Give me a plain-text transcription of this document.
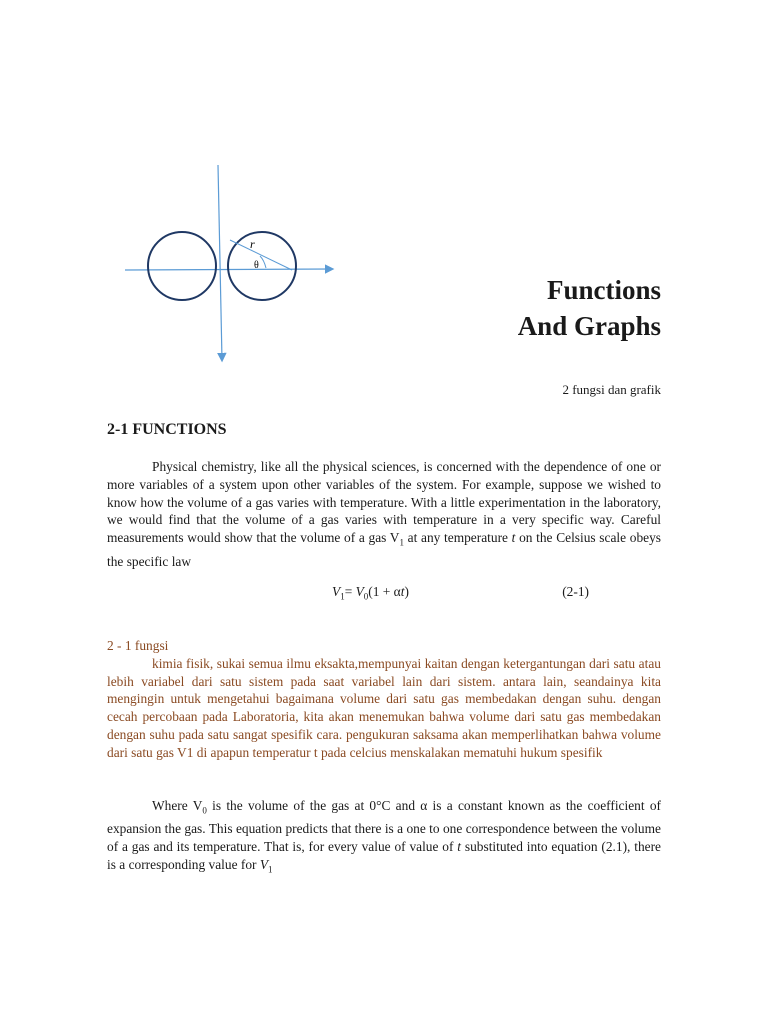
r
θ
Functions
And Graphs
2 fungsi dan grafik
2-1 FUNCTIONS

Physical chemistry, like all the physical sciences, is concerned with the dependence of one or more variables of a system upon other variables of the system. For example, suppose we wished to know how the volume of a gas varies with temperature. With a little experimentation in the laboratory, we would find that the volume of a gas varies with temperature in a very specific way. Careful measurements would show that the volume of a gas $V_1$ at any temperature t on the Celsius scale obeys the specific law

$V_1= V_0(1 + \alpha t)$	(2-1)

2 - 1 fungsi

kimia fisik, sukai semua ilmu eksakta,mempunyai kaitan dengan ketergantungan dari satu atau lebih variabel dari satu sistem pada saat variabel lain dari sistem. antara lain, seandainya kita mengingin untuk mengetahui bagaimana volume dari satu gas membedakan dengan suhu. dengan cecah percobaan pada Laboratoria, kita akan menemukan bahwa volume dari satu gas membedakan dengan suhu pada satu sangat spesifik cara. pengukuran saksama akan memperlihatkan bahwa volume dari satu gas V1 di apapun temperatur t pada celcius menskalakan mematuhi hukum spesifik

Where $V_0$ is the volume of the gas at 0°C and α is a constant known as the coefficient of expansion the gas. This equation predicts that there is a one to one correspondence between the volume of a gas and its temperature. That is, for every value of value of t substituted into equation (2.1), there is a corresponding value for $V_1$
